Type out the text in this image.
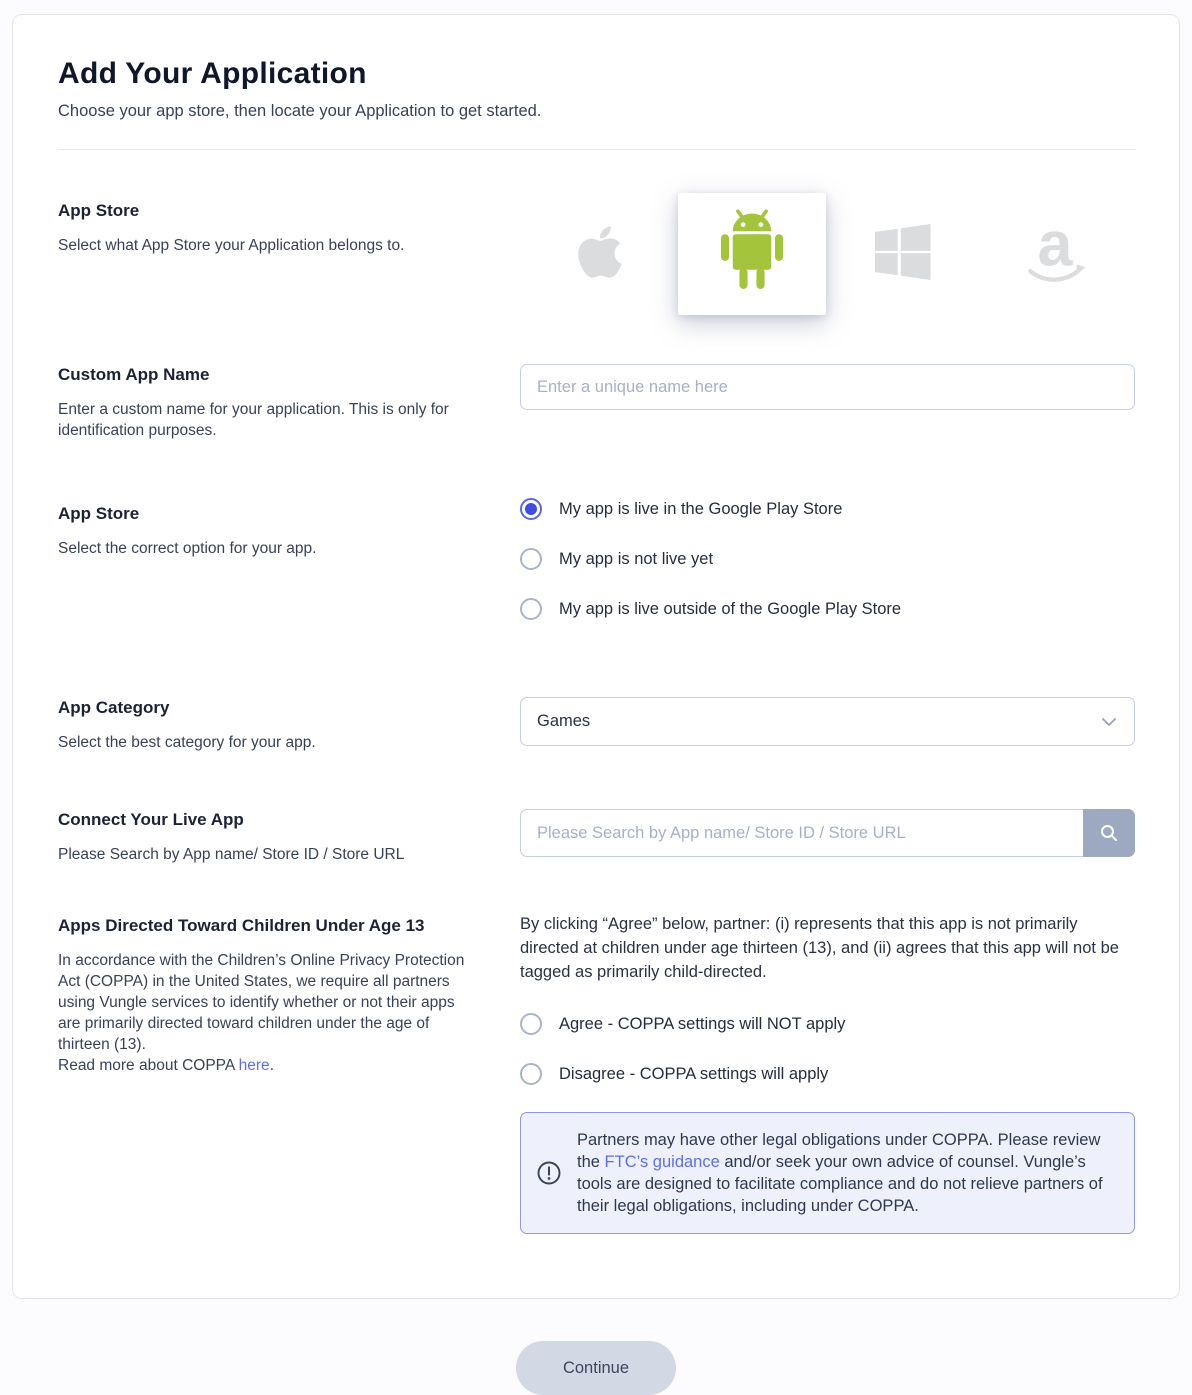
Add Your Application

Choose your app store, then locate your Application to get started.

App Store

Select what App Store your Application belongs to.	a
Custom App Name

Enter a custom name for your application. This is only for identification purposes.

Enter a unique name here
App Store

Select the correct option for your app.

My app is live in the Google Play Store
My app is not live yet
My app is live outside of the Google Play Store
App Category

Select the best category for your app.

Games
Connect Your Live App

Please Search by App name/ Store ID / Store URL

Please Search by App name/ Store ID / Store URL
Apps Directed Toward Children Under Age 13

In accordance with the Children’s Online Privacy Protection Act (COPPA) in the United States, we require all partners using Vungle services to identify whether or not their apps are primarily directed toward children under the age of thirteen (13).
Read more about COPPA here.

By clicking “Agree” below, partner: (i) represents that this app is not primarily directed at children under age thirteen (13), and (ii) agrees that this app will not be tagged as primarily child-directed.

Agree - COPPA settings will NOT apply
Disagree - COPPA settings will apply

Partners may have other legal obligations under COPPA. Please review the FTC’s guidance and/or seek your own advice of counsel. Vungle’s tools are designed to facilitate compliance and do not relieve partners of their legal obligations, including under COPPA.

Continue
